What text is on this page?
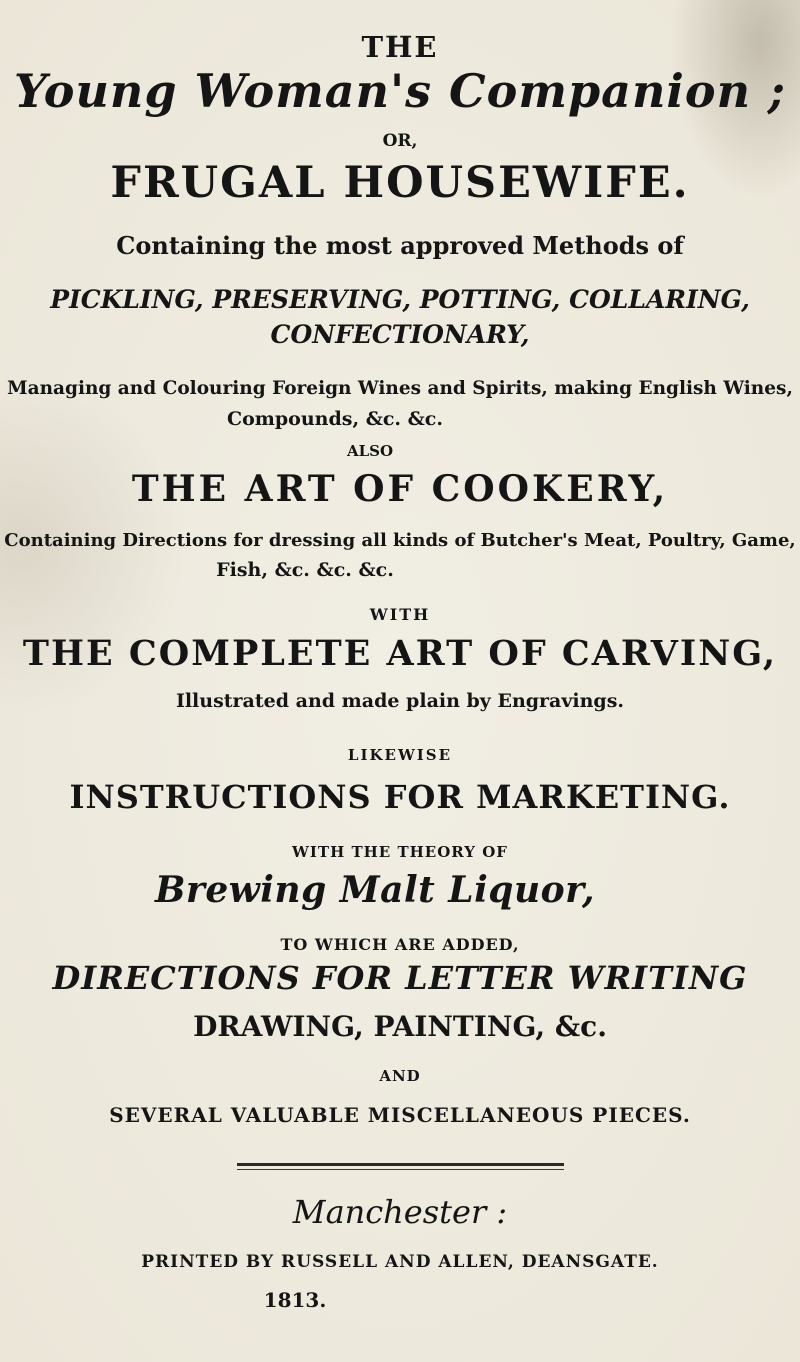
THE
Young Woman's Companion ;
OR,
FRUGAL HOUSEWIFE.
Containing the most approved Methods of
PICKLING, PRESERVING, POTTING, COLLARING,
CONFECTIONARY,
Managing and Colouring Foreign Wines and Spirits, making English Wines,
Compounds, &c. &c.
ALSO
THE ART OF COOKERY,
Containing Directions for dressing all kinds of Butcher's Meat, Poultry, Game,
Fish, &c. &c. &c.
WITH
THE COMPLETE ART OF CARVING,
Illustrated and made plain by Engravings.
LIKEWISE
INSTRUCTIONS FOR MARKETING.
WITH THE THEORY OF
Brewing Malt Liquor,
TO WHICH ARE ADDED,
DIRECTIONS FOR LETTER WRITING
DRAWING, PAINTING, &c.
AND
SEVERAL VALUABLE MISCELLANEOUS PIECES.
Manchester :
PRINTED BY RUSSELL AND ALLEN, DEANSGATE.
1813.
